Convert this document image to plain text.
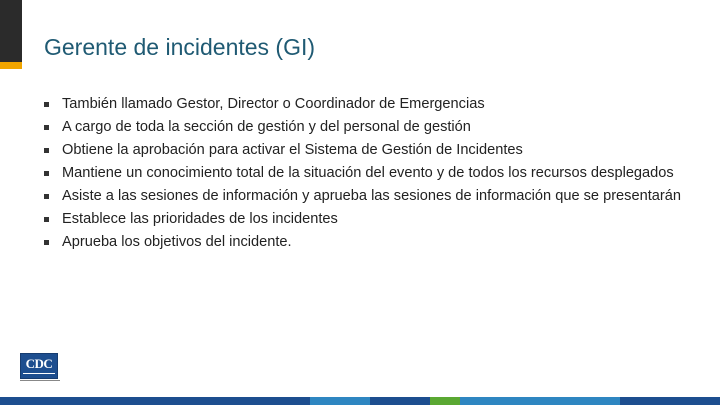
Gerente de incidentes (GI)
También llamado Gestor, Director o Coordinador de Emergencias
A cargo de toda la sección de gestión y del personal de gestión
Obtiene la aprobación para activar el Sistema de Gestión de Incidentes
Mantiene un conocimiento total de la situación del evento y de todos los recursos desplegados
Asiste a las sesiones de información y aprueba las sesiones de información que se presentarán
Establece las prioridades de los incidentes
Aprueba los objetivos del incidente.
CDC
